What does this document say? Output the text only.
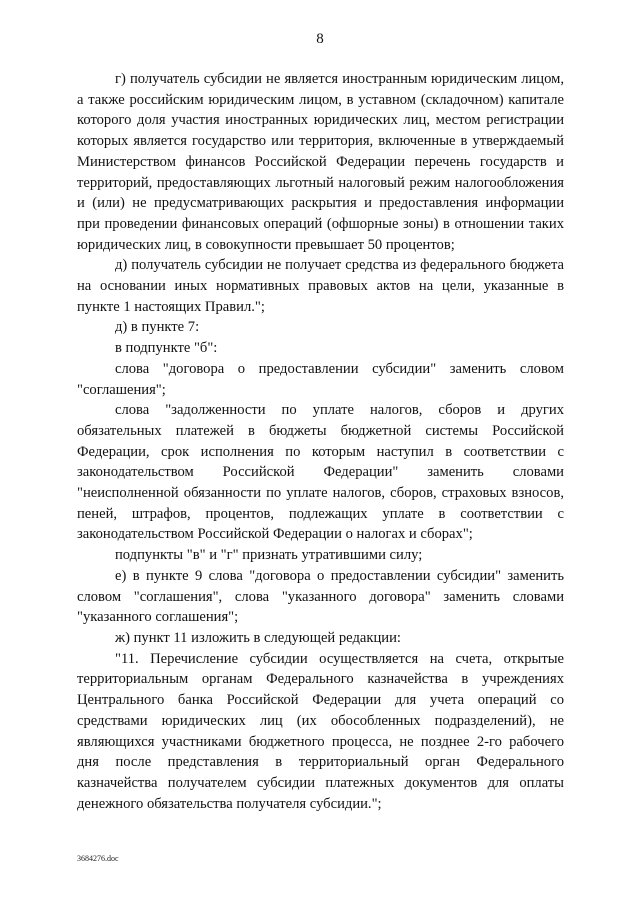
8

г) получатель субсидии не является иностранным юридическим лицом, а также российским юридическим лицом, в уставном (складочном) капитале которого доля участия иностранных юридических лиц, местом регистрации которых является государство или территория, включенные в утверждаемый Министерством финансов Российской Федерации перечень государств и территорий, предоставляющих льготный налоговый режим налогообложения и (или) не предусматривающих раскрытия и предоставления информации при проведении финансовых операций (офшорные зоны) в отношении таких юридических лиц, в совокупности превышает 50 процентов;

д) получатель субсидии не получает средства из федерального бюджета на основании иных нормативных правовых актов на цели, указанные в пункте 1 настоящих Правил.";

д) в пункте 7:

в подпункте "б":

слова "договора о предоставлении субсидии" заменить словом "соглашения";

слова "задолженности по уплате налогов, сборов и других обязательных платежей в бюджеты бюджетной системы Российской Федерации, срок исполнения по которым наступил в соответствии с законодательством Российской Федерации" заменить словами "неисполненной обязанности по уплате налогов, сборов, страховых взносов, пеней, штрафов, процентов, подлежащих уплате в соответствии с законодательством Российской Федерации о налогах и сборах";

подпункты "в" и "г" признать утратившими силу;

е) в пункте 9 слова "договора о предоставлении субсидии" заменить словом "соглашения", слова "указанного договора" заменить словами "указанного соглашения";

ж) пункт 11 изложить в следующей редакции:

"11. Перечисление субсидии осуществляется на счета, открытые территориальным органам Федерального казначейства в учреждениях Центрального банка Российской Федерации для учета операций со средствами юридических лиц (их обособленных подразделений), не являющихся участниками бюджетного процесса, не позднее 2-го рабочего дня после представления в территориальный орган Федерального казначейства получателем субсидии платежных документов для оплаты денежного обязательства получателя субсидии.";

3684276.doc
